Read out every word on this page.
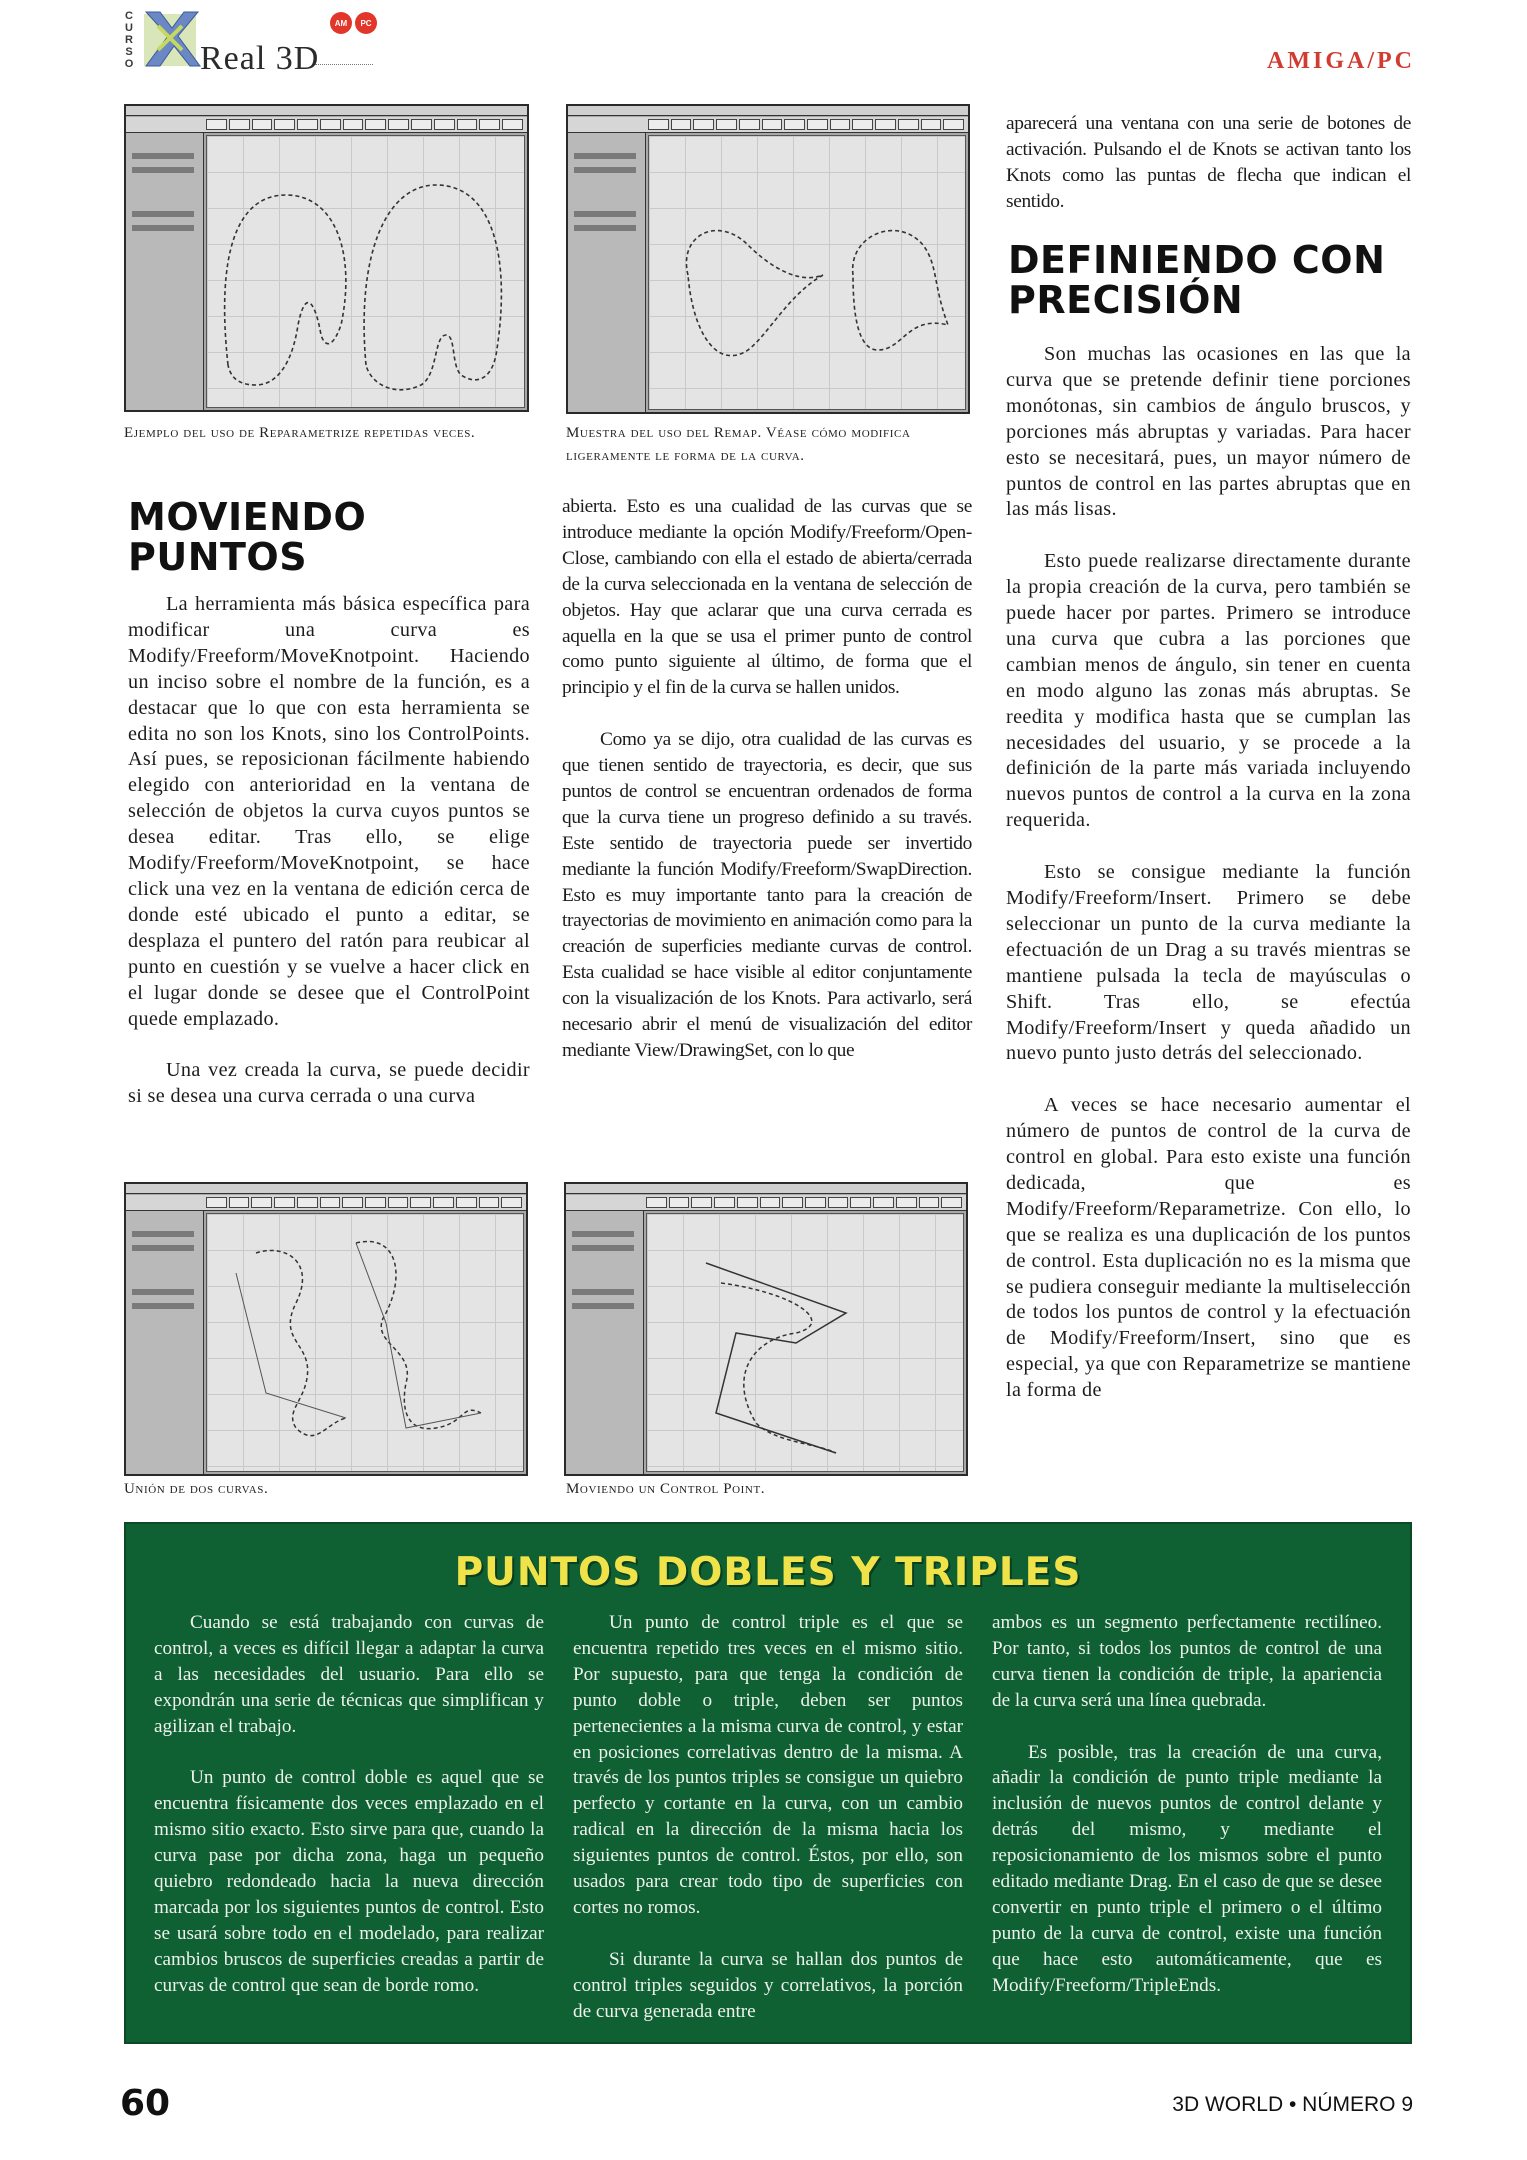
C
U
R
S
O Real 3D
AM	PC
AMIGA/PC
Ejemplo del uso de Reparametrize repetidas veces.	Muestra del uso del Remap. Véase cómo modifica ligeramente le forma de la curva.
MOVIENDO
PUNTOS

La herramienta más básica específica para modificar una curva es Modify/Freeform/MoveKnotpoint. Haciendo un inciso sobre el nombre de la función, es a destacar que lo que con esta herramienta se edita no son los Knots, sino los ControlPoints. Así pues, se reposicionan fácilmente habiendo elegido con anterioridad en la ventana de selección de objetos la curva cuyos puntos se desea editar. Tras ello, se elige Modify/Freeform/MoveKnotpoint, se hace click una vez en la ventana de edición cerca de donde esté ubicado el punto a editar, se desplaza el puntero del ratón para reubicar al punto en cuestión y se vuelve a hacer click en el lugar donde se desee que el ControlPoint quede emplazado.

Una vez creada la curva, se puede decidir si se desea una curva cerrada o una curva

abierta. Esto es una cualidad de las curvas que se introduce mediante la opción Modify/Freeform/Open-Close, cambiando con ella el estado de abierta/cerrada de la curva seleccionada en la ventana de selección de objetos. Hay que aclarar que una curva cerrada es aquella en la que se usa el primer punto de control como punto siguiente al último, de forma que el principio y el fin de la curva se hallen unidos.

Como ya se dijo, otra cualidad de las curvas es que tienen sentido de trayectoria, es decir, que sus puntos de control se encuentran ordenados de forma que la curva tiene un progreso definido a su través. Este sentido de trayectoria puede ser invertido mediante la función Modify/Freeform/SwapDirection. Esto es muy importante tanto para la creación de trayectorias de movimiento en animación como para la creación de superficies mediante curvas de control. Esta cualidad se hace visible al editor conjuntamente con la visualización de los Knots. Para activarlo, será necesario abrir el menú de visualización del editor mediante View/DrawingSet, con lo que

Unión de dos curvas.	Moviendo un Control Point.

aparecerá una ventana con una serie de botones de activación. Pulsando el de Knots se activan tanto los Knots como las puntas de flecha que indican el sentido.

DEFINIENDO CON
PRECISIÓN

Son muchas las ocasiones en las que la curva que se pretende definir tiene porciones monótonas, sin cambios de ángulo bruscos, y porciones más abruptas y variadas. Para hacer esto se necesitará, pues, un mayor número de puntos de control en las partes abruptas que en las más lisas.

Esto puede realizarse directamente durante la propia creación de la curva, pero también se puede hacer por partes. Primero se introduce una curva que cubra a las porciones que cambian menos de ángulo, sin tener en cuenta en modo alguno las zonas más abruptas. Se reedita y modifica hasta que se cumplan las necesidades del usuario, y se procede a la definición de la parte más variada incluyendo nuevos puntos de control a la curva en la zona requerida.

Esto se consigue mediante la función Modify/Freeform/Insert. Primero se debe seleccionar un punto de la curva mediante la efectuación de un Drag a su través mientras se mantiene pulsada la tecla de mayúsculas o Shift. Tras ello, se efectúa Modify/Freeform/Insert y queda añadido un nuevo punto justo detrás del seleccionado.

A veces se hace necesario aumentar el número de puntos de control de la curva de control en global. Para esto existe una función dedicada, que es Modify/Freeform/Reparametrize. Con ello, lo que se realiza es una duplicación de los puntos de control. Esta duplicación no es la misma que se pudiera conseguir mediante la multiselección de todos los puntos de control y la efectuación de Modify/Freeform/Insert, sino que es especial, ya que con Reparametrize se mantiene la forma de

PUNTOS DOBLES Y TRIPLES

Cuando se está trabajando con curvas de control, a veces es difícil llegar a adaptar la curva a las necesidades del usuario. Para ello se expondrán una serie de técnicas que simplifican y agilizan el trabajo.

Un punto de control doble es aquel que se encuentra físicamente dos veces emplazado en el mismo sitio exacto. Esto sirve para que, cuando la curva pase por dicha zona, haga un pequeño quiebro redondeado hacia la nueva dirección marcada por los siguientes puntos de control. Esto se usará sobre todo en el modelado, para realizar cambios bruscos de superficies creadas a partir de curvas de control que sean de borde romo.

Un punto de control triple es el que se encuentra repetido tres veces en el mismo sitio. Por supuesto, para que tenga la condición de punto doble o triple, deben ser puntos pertenecientes a la misma curva de control, y estar en posiciones correlativas dentro de la misma. A través de los puntos triples se consigue un quiebro perfecto y cortante en la curva, con un cambio radical en la dirección de la misma hacia los siguientes puntos de control. Éstos, por ello, son usados para crear todo tipo de superficies con cortes no romos.

Si durante la curva se hallan dos puntos de control triples seguidos y correlativos, la porción de curva generada entre

ambos es un segmento perfectamente rectilíneo. Por tanto, si todos los puntos de control de una curva tienen la condición de triple, la apariencia de la curva será una línea quebrada.

Es posible, tras la creación de una curva, añadir la condición de punto triple mediante la inclusión de nuevos puntos de control delante y detrás del mismo, y mediante el reposicionamiento de los mismos sobre el punto editado mediante Drag. En el caso de que se desee convertir en punto triple el primero o el último punto de la curva de control, existe una función que hace esto automáticamente, que es Modify/Freeform/TripleEnds.

60	3D WORLD • NÚMERO 9
